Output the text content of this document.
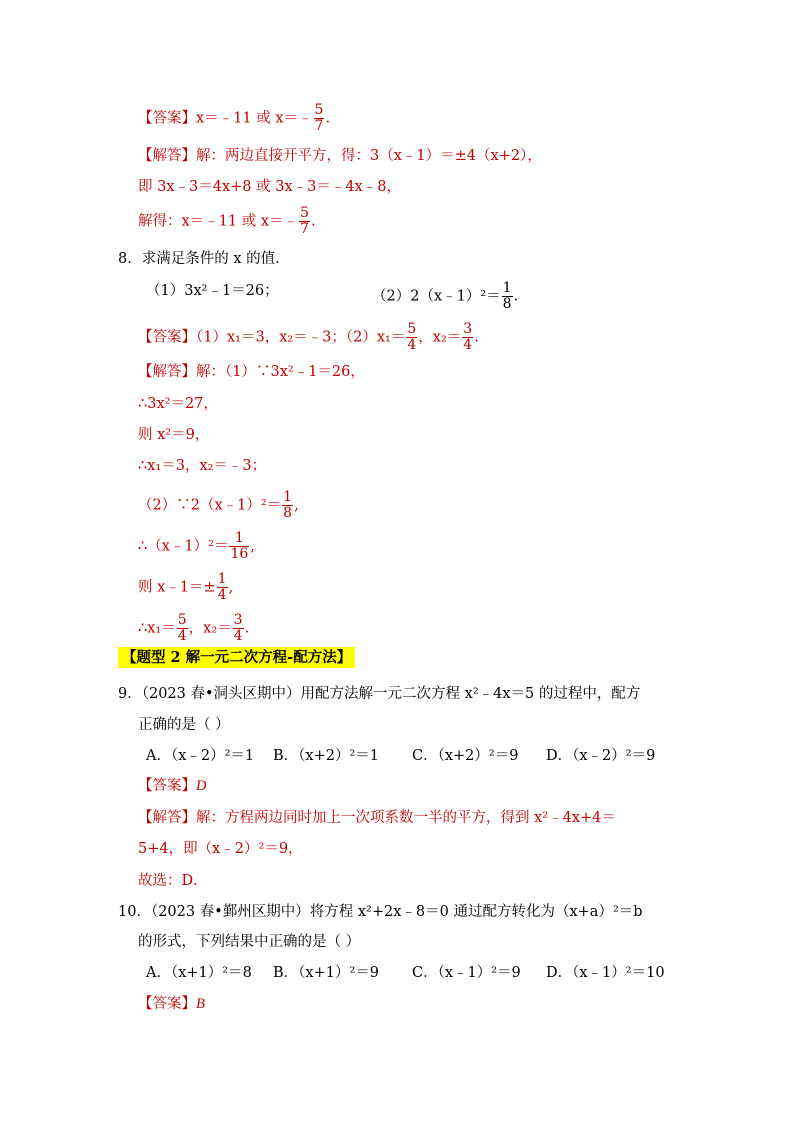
【答案】x＝﹣11 或 x＝﹣ $\frac{5}{7}$ .
【解答】解：两边直接开平方，得：3（x﹣1）＝±4（x+2），
即 3x﹣3＝4x+8 或 3x﹣3＝﹣4x﹣8，
解得：x＝﹣11 或 x＝﹣ $\frac{5}{7}$ .
8．求满足条件的 x 的值．
（1）3x²﹣1＝26；	（2）2（x﹣1）²＝ $\frac{1}{8}$ .
【答案】（1）x₁＝3，x₂＝﹣3；$(2)x_1= \frac{5}{4}$ ，$x_2= \frac{3}{4}$ .
【解答】解：（1）∵3x²﹣1＝26，
∴3x²＝27，
则 x²＝9，
∴x₁＝3，x₂＝﹣3；
（2）∵2（x﹣1）²＝ $\frac{1}{8}$ ,
∴（x﹣1）²＝ $\frac{1}{16}$ ,
则 x﹣1＝± $\frac{1}{4}$ ,
∴x₁＝ $\frac{5}{4}$ ，$x_2= \frac{3}{4}$ .
【题型 2 解一元二次方程-配方法】
9．（2023 春•洞头区期中）用配方法解一元二次方程 x²﹣4x＝5 的过程中，配方
正确的是（ ）
A．（x﹣2）²＝1 B．（x+2）²＝1 C．（x+2）²＝9 D．（x﹣2）²＝9
【答案】D
【解答】解：方程两边同时加上一次项系数一半的平方，得到 x²﹣4x+4＝
5+4，即（x﹣2）²＝9，
故选：D．
10．（2023 春•鄞州区期中）将方程 x²+2x﹣8＝0 通过配方转化为（x+a）²＝b
的形式，下列结果中正确的是（ ）
A．（x+1）²＝8 B．（x+1）²＝9 C．（x﹣1）²＝9 D．（x﹣1）²＝10
【答案】B
